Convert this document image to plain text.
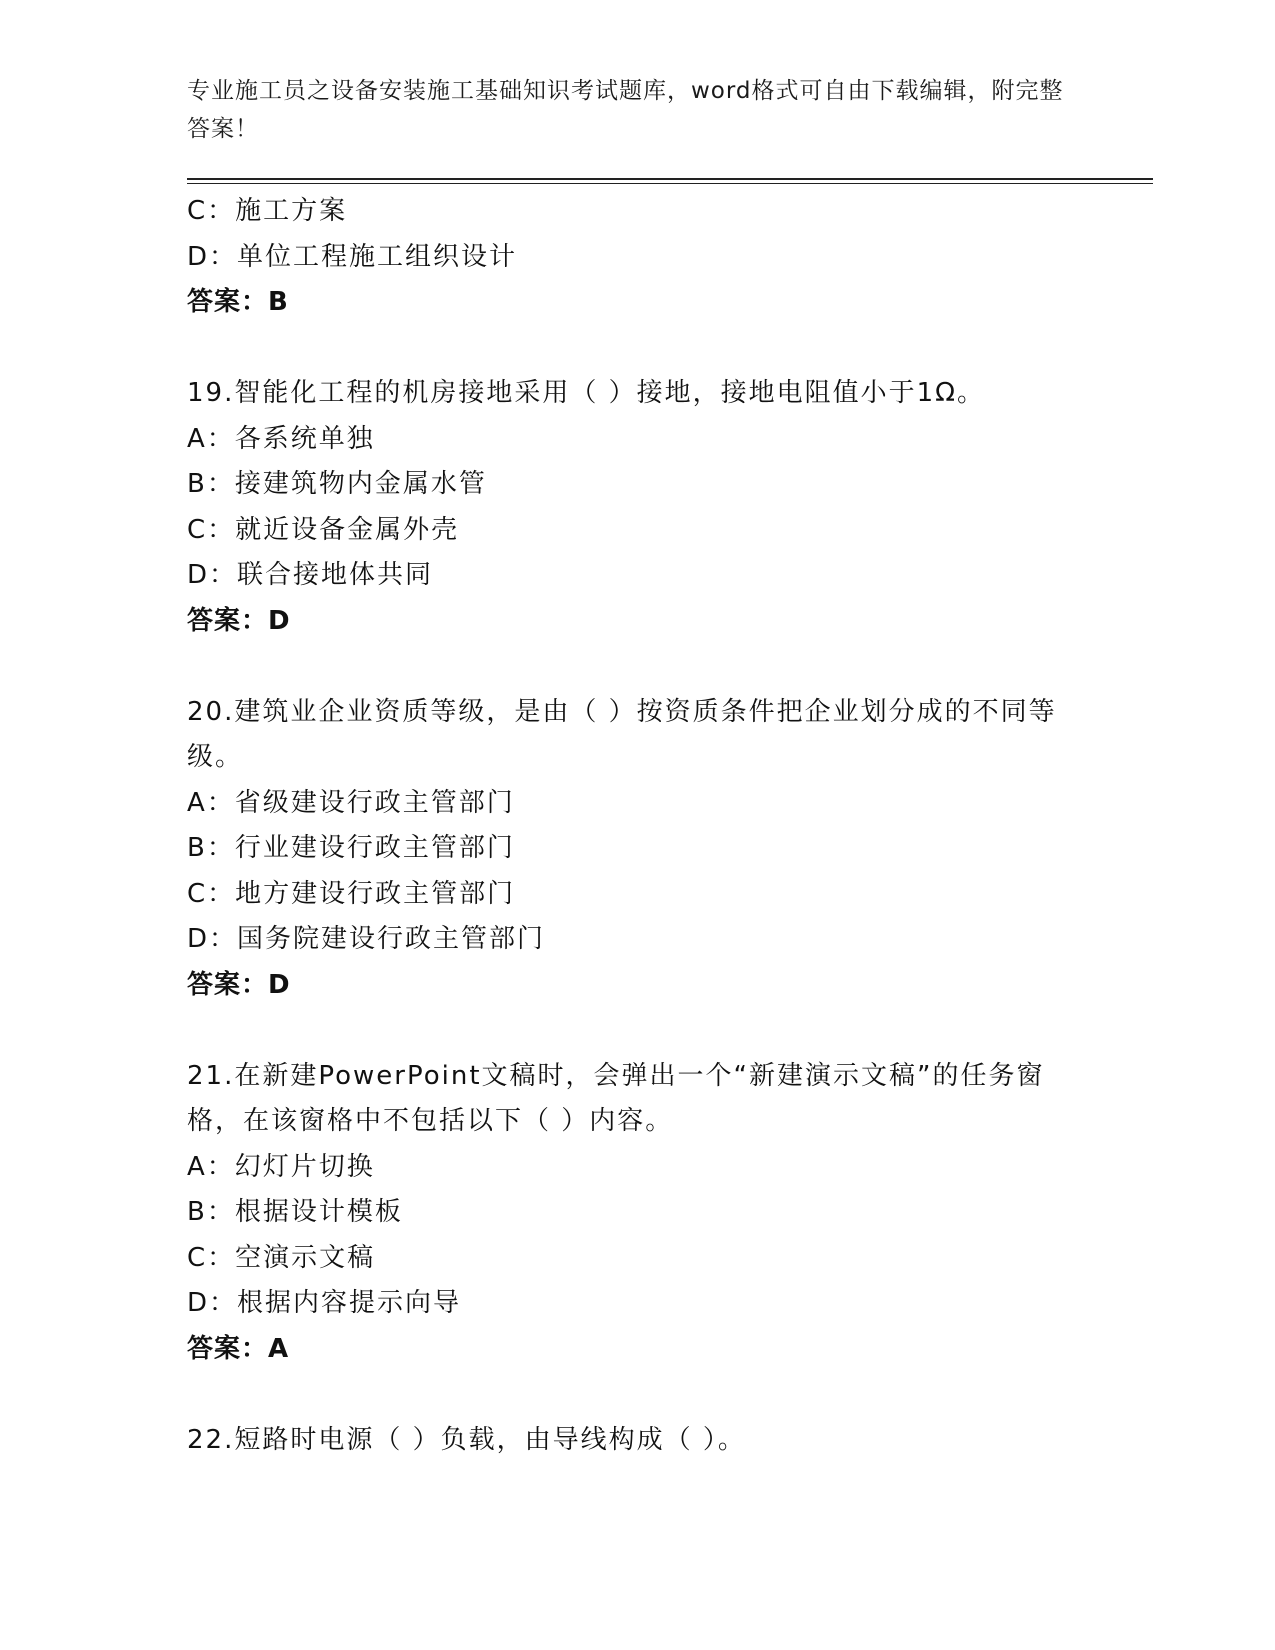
专业施工员之设备安装施工基础知识考试题库，word格式可自由下载编辑，附完整答案！
C：施工方案
D：单位工程施工组织设计
答案：B
19.智能化工程的机房接地采用（ ）接地，接地电阻值小于1Ω。
A：各系统单独
B：接建筑物内金属水管
C：就近设备金属外壳
D：联合接地体共同
答案：D
20.建筑业企业资质等级，是由（ ）按资质条件把企业划分成的不同等级。
A：省级建设行政主管部门
B：行业建设行政主管部门
C：地方建设行政主管部门
D：国务院建设行政主管部门
答案：D
21.在新建PowerPoint文稿时，会弹出一个“新建演示文稿”的任务窗格，在该窗格中不包括以下（ ）内容。
A：幻灯片切换
B：根据设计模板
C：空演示文稿
D：根据内容提示向导
答案：A
22.短路时电源（ ）负载，由导线构成（ ）。
